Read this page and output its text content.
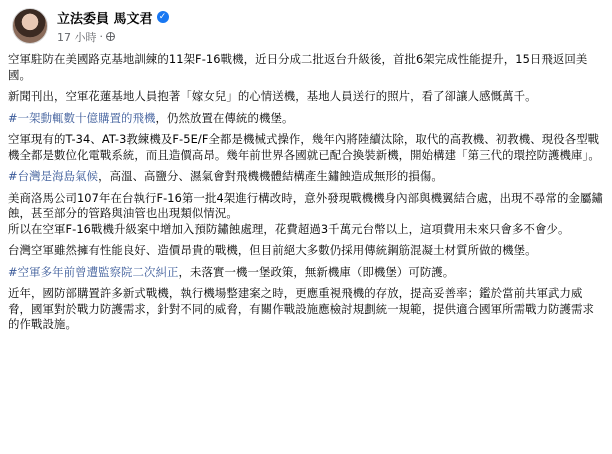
立法委員 馬文君 ✓
17 小時 ·

空軍駐防在美國路克基地訓練的11架F-16戰機，近日分成二批返台升級後，首批6架完成性能提升，15日飛返回美國。

新聞刊出，空軍花蓮基地人員抱著「嫁女兒」的心情送機，基地人員送行的照片，看了卻讓人感慨萬千。

#一架動輒數十億購置的飛機，仍然放置在傳統的機堡。

空軍現有的T-34、AT-3教練機及F-5E/F全都是機械式操作，幾年內將陸續汰除，取代的高教機、初教機、現役各型戰機全都是數位化電戰系統，而且造價高昂。幾年前世界各國就已配合換裝新機，開始構建「第三代的環控防護機庫」。

#台灣是海島氣候，高溫、高鹽分、濕氣會對飛機機體結構產生鏽蝕造成無形的損傷。

美商洛馬公司107年在台執行F-16第一批4架進行構改時，意外發現戰機機身內部與機翼結合處，出現不尋常的金屬鏽蝕，甚至部分的管路與油管也出現類似情況。

所以在空軍F-16戰機升級案中增加入預防鏽蝕處理，花費超過3千萬元台幣以上，這項費用未來只會多不會少。

台灣空軍雖然擁有性能良好、造價昂貴的戰機，但目前絕大多數仍採用傳統鋼筋混凝土材質所做的機堡。

#空軍多年前曾遭監察院二次糾正，未落實一機一堡政策，無新機庫（即機堡）可防護。

近年，國防部購置許多新式戰機，執行機場整建案之時，更應重視飛機的存放，提高妥善率；鑑於當前共軍武力威脅，國軍對於戰力防護需求，針對不同的威脅，有關作戰設施應檢討規劃統一規範，提供適合國軍所需戰力防護需求的作戰設施。
